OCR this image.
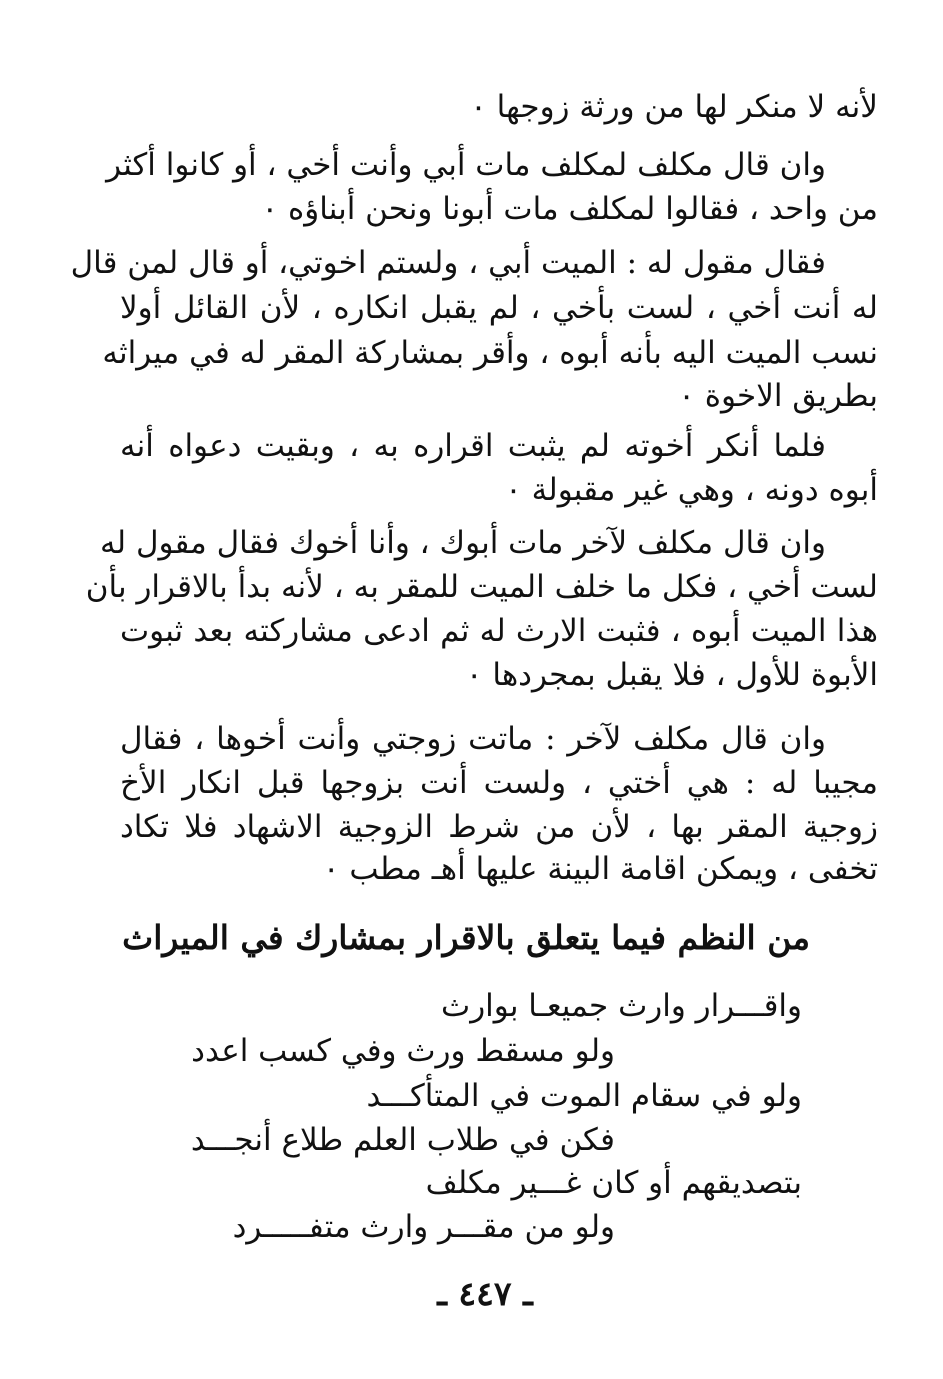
لأنه لا منكر لها من ورثة زوجها ٠
وان قال مكلف لمكلف مات أبي وأنت أخي ، أو كانوا أكثر
من واحد ، فقالوا لمكلف مات أبونا ونحن أبناؤه ٠
فقال مقول له : الميت أبي ، ولستم اخوتي، أو قال لمن قال
له أنت أخي ، لست بأخي ، لم يقبل انكاره ، لأن القائل أولا
نسب الميت اليه بأنه أبوه ، وأقر بمشاركة المقر له في ميراثه
بطريق الاخوة ٠
فلما أنكر أخوته لم يثبت اقراره به ، وبقيت دعواه أنه
أبوه دونه ، وهي غير مقبولة ٠
وان قال مكلف لآخر مات أبوك ، وأنا أخوك فقال مقول له
لست أخي ، فكل ما خلف الميت للمقر به ، لأنه بدأ بالاقرار بأن
هذا الميت أبوه ، فثبت الارث له ثم ادعى مشاركته بعد ثبوت
الأبوة للأول ، فلا يقبل بمجردها ٠
وان قال مكلف لآخر : ماتت زوجتي وأنت أخوها ، فقال
مجيبا له : هي أختي ، ولست أنت بزوجها قبل انكار الأخ
زوجية المقر بها ، لأن من شرط الزوجية الاشهاد فلا تكاد
تخفى ، ويمكن اقامة البينة عليها أهـ مطب ٠
من النظم فيما يتعلق بالاقرار بمشارك في الميراث
واقـــرار وارث جميعـا بوارث
ولو مسقط ورث وفي كسب اعدد
ولو في سقام الموت في المتأكـــد
فكن في طلاب العلم طلاع أنجـــد
بتصديقهم أو كان غـــير مكلف
ولو من مقـــر وارث متفـــــرد
ـ ٤٤٧ ـ
